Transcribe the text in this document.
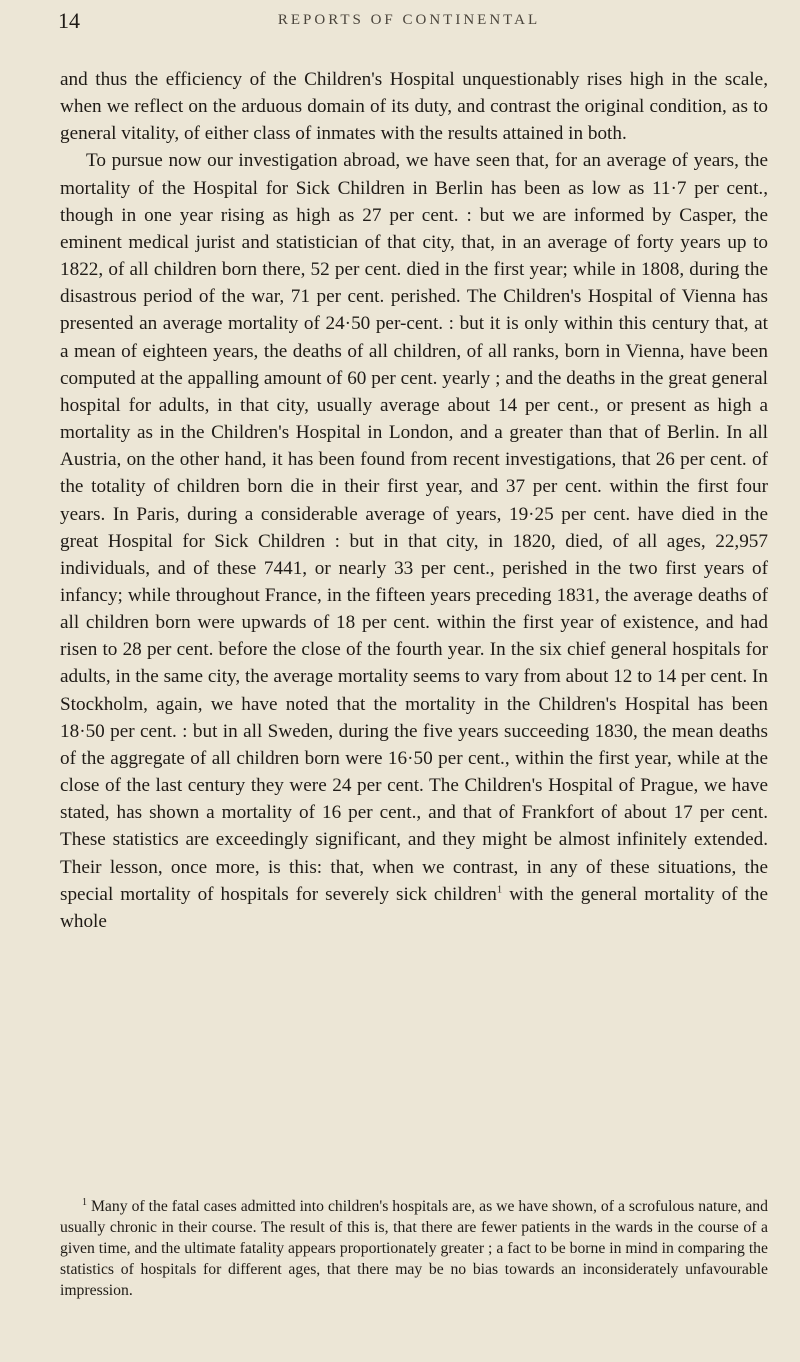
14	REPORTS OF CONTINENTAL

and thus the efficiency of the Children's Hospital unquestionably rises high in the scale, when we reflect on the arduous domain of its duty, and contrast the original condition, as to general vitality, of either class of inmates with the results attained in both.

To pursue now our investigation abroad, we have seen that, for an average of years, the mortality of the Hospital for Sick Children in Berlin has been as low as 11·7 per cent., though in one year rising as high as 27 per cent. : but we are informed by Casper, the eminent medical jurist and statistician of that city, that, in an average of forty years up to 1822, of all children born there, 52 per cent. died in the first year; while in 1808, during the disastrous period of the war, 71 per cent. perished. The Children's Hospital of Vienna has presented an average mortality of 24·50 per-cent. : but it is only within this century that, at a mean of eighteen years, the deaths of all children, of all ranks, born in Vienna, have been computed at the appalling amount of 60 per cent. yearly ; and the deaths in the great general hospital for adults, in that city, usually average about 14 per cent., or present as high a mortality as in the Children's Hospital in London, and a greater than that of Berlin. In all Austria, on the other hand, it has been found from recent investigations, that 26 per cent. of the totality of children born die in their first year, and 37 per cent. within the first four years. In Paris, during a considerable average of years, 19·25 per cent. have died in the great Hospital for Sick Children : but in that city, in 1820, died, of all ages, 22,957 individuals, and of these 7441, or nearly 33 per cent., perished in the two first years of infancy; while throughout France, in the fifteen years preceding 1831, the average deaths of all children born were upwards of 18 per cent. within the first year of existence, and had risen to 28 per cent. before the close of the fourth year. In the six chief general hospitals for adults, in the same city, the average mortality seems to vary from about 12 to 14 per cent. In Stockholm, again, we have noted that the mortality in the Children's Hospital has been 18·50 per cent. : but in all Sweden, during the five years succeeding 1830, the mean deaths of the aggregate of all children born were 16·50 per cent., within the first year, while at the close of the last century they were 24 per cent. The Children's Hospital of Prague, we have stated, has shown a mortality of 16 per cent., and that of Frankfort of about 17 per cent. These statistics are exceedingly significant, and they might be almost infinitely extended. Their lesson, once more, is this: that, when we contrast, in any of these situations, the special mortality of hospitals for severely sick children$^1$ with the general mortality of the whole

$^1$ Many of the fatal cases admitted into children's hospitals are, as we have shown, of a scrofulous nature, and usually chronic in their course. The result of this is, that there are fewer patients in the wards in the course of a given time, and the ultimate fatality appears proportionately greater ; a fact to be borne in mind in comparing the statistics of hospitals for different ages, that there may be no bias towards an inconsiderately unfavourable impression.
